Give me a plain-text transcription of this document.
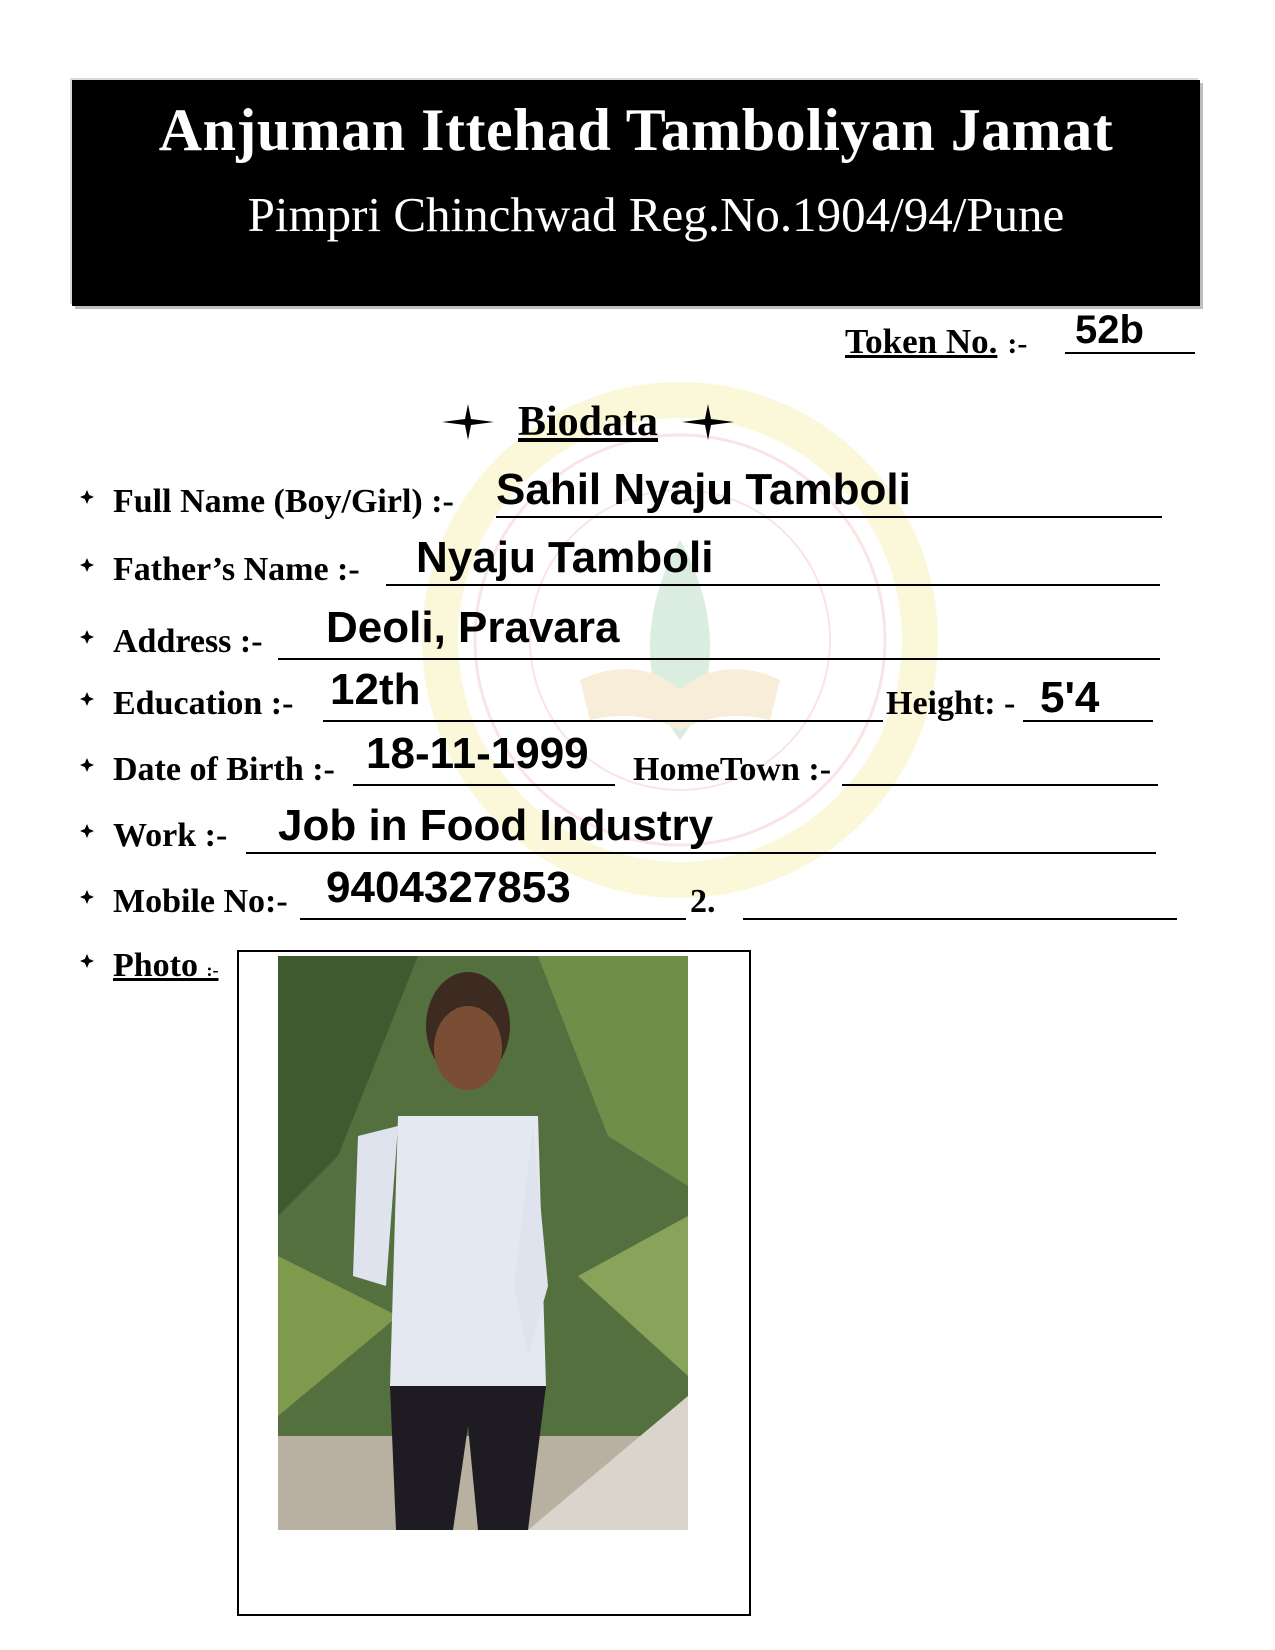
Anjuman Ittehad Tamboliyan Jamat
Pimpri Chinchwad Reg.No.1904/94/Pune
Token No. :- 52b
Biodata
Full Name (Boy/Girl) :- Sahil Nyaju Tamboli
Father’s Name :- Nyaju Tamboli
Address :- Deoli, Pravara
Education :- 12th	Height: - 5'4
Date of Birth :- 18-11-1999 HomeTown :-
Work :- Job in Food Industry
Mobile No:- 9404327853	2.
Photo :-
